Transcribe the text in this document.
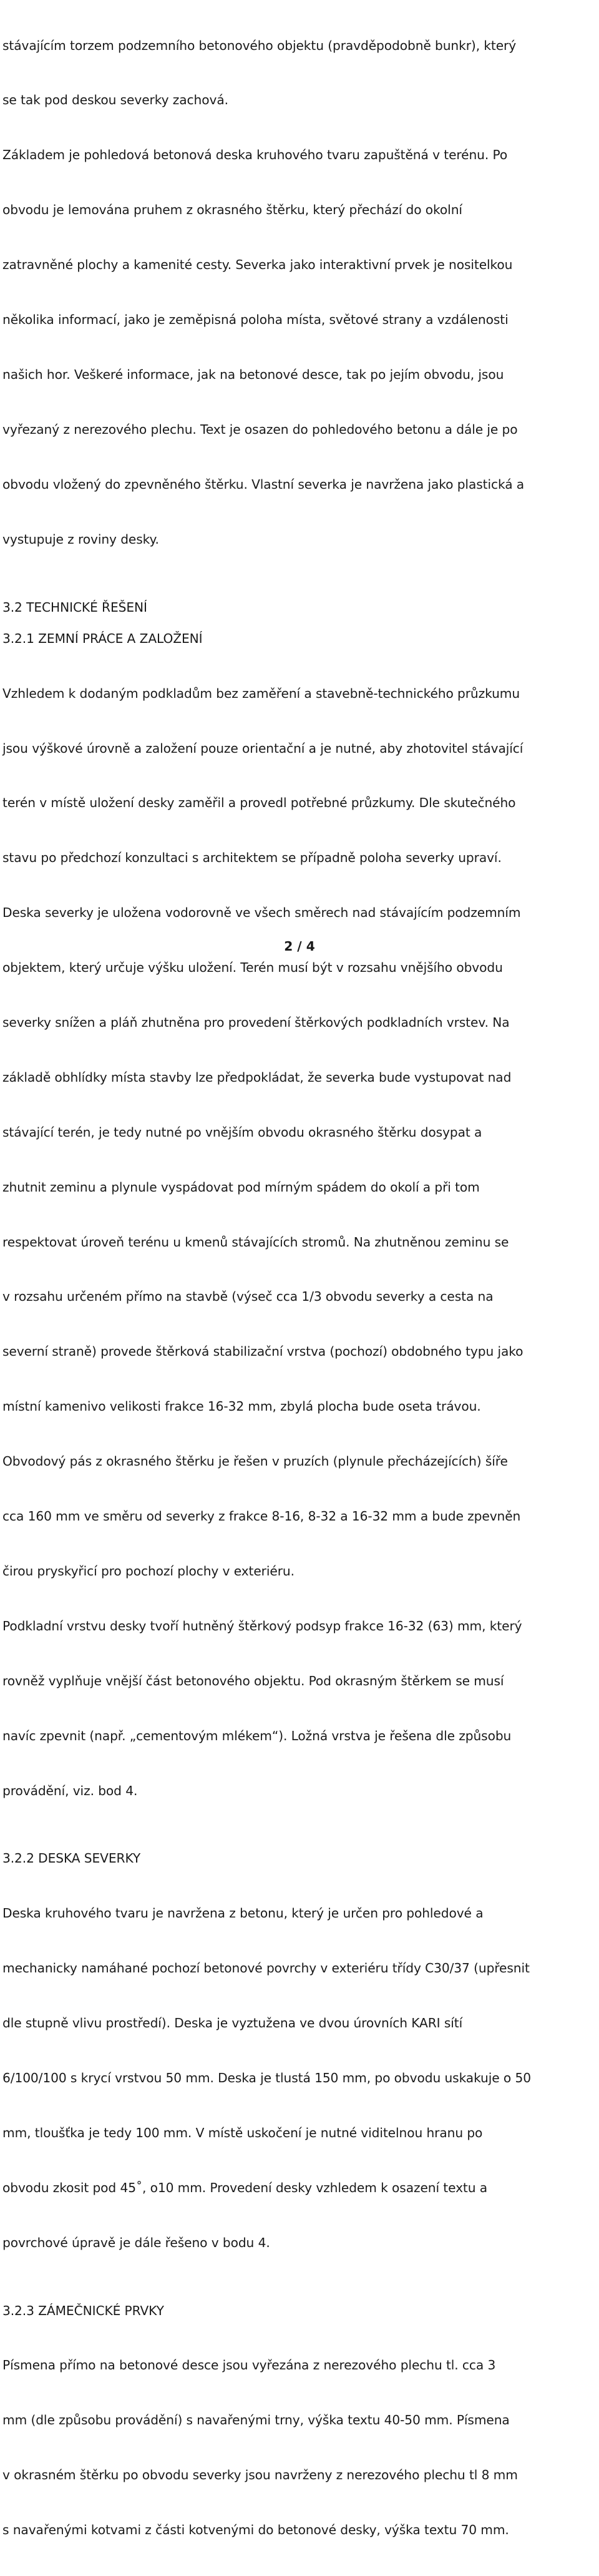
stávajícím torzem podzemního betonového objektu (pravděpodobně bunkr), který

se tak pod deskou severky zachová.

Základem je pohledová betonová deska kruhového tvaru zapuštěná v terénu. Po

obvodu je lemována pruhem z okrasného štěrku, který přechází do okolní

zatravněné plochy a kamenité cesty. Severka jako interaktivní prvek je nositelkou

několika informací, jako je zeměpisná poloha místa, světové strany a vzdálenosti

našich hor. Veškeré informace, jak na betonové desce, tak po jejím obvodu, jsou

vyřezaný z nerezového plechu. Text je osazen do pohledového betonu a dále je po

obvodu vložený do zpevněného štěrku. Vlastní severka je navržena jako plastická a

vystupuje z roviny desky.

3.2 TECHNICKÉ ŘEŠENÍ
3.2.1 ZEMNÍ PRÁCE A ZALOŽENÍ

Vzhledem k dodaným podkladům bez zaměření a stavebně-technického průzkumu

jsou výškové úrovně a založení pouze orientační a je nutné, aby zhotovitel stávající

terén v místě uložení desky zaměřil a provedl potřebné průzkumy. Dle skutečného

stavu po předchozí konzultaci s architektem se případně poloha severky upraví.

Deska severky je uložena vodorovně ve všech směrech nad stávajícím podzemním

objektem, který určuje výšku uložení. Terén musí být v rozsahu vnějšího obvodu

severky snížen a pláň zhutněna pro provedení štěrkových podkladních vrstev. Na

základě obhlídky místa stavby lze předpokládat, že severka bude vystupovat nad

stávající terén, je tedy nutné po vnějším obvodu okrasného štěrku dosypat a

zhutnit zeminu a plynule vyspádovat pod mírným spádem do okolí a při tom

respektovat úroveň terénu u kmenů stávajících stromů. Na zhutněnou zeminu se

v rozsahu určeném přímo na stavbě (výseč cca 1/3 obvodu severky a cesta na

severní straně) provede štěrková stabilizační vrstva (pochozí) obdobného typu jako

místní kamenivo velikosti frakce 16-32 mm, zbylá plocha bude oseta trávou.

Obvodový pás z okrasného štěrku je řešen v pruzích (plynule přecházejících) šíře

cca 160 mm ve směru od severky z frakce 8-16, 8-32 a 16-32 mm a bude zpevněn

čirou pryskyřicí pro pochozí plochy v exteriéru.

Podkladní vrstvu desky tvoří hutněný štěrkový podsyp frakce 16-32 (63) mm, který

rovněž vyplňuje vnější část betonového objektu. Pod okrasným štěrkem se musí

navíc zpevnit (např. „cementovým mlékem“). Ložná vrstva je řešena dle způsobu

provádění, viz. bod 4.

3.2.2 DESKA SEVERKY

Deska kruhového tvaru je navržena z betonu, který je určen pro pohledové a

mechanicky namáhané pochozí betonové povrchy v exteriéru třídy C30/37 (upřesnit

dle stupně vlivu prostředí). Deska je vyztužena ve dvou úrovních KARI sítí

6/100/100 s krycí vrstvou 50 mm. Deska je tlustá 150 mm, po obvodu uskakuje o 50

mm, tloušťka je tedy 100 mm. V místě uskočení je nutné viditelnou hranu po

obvodu zkosit pod 45˚, o10 mm. Provedení desky vzhledem k osazení textu a

povrchové úpravě je dále řešeno v bodu 4.

3.2.3 ZÁMEČNICKÉ PRVKY

Písmena přímo na betonové desce jsou vyřezána z nerezového plechu tl. cca 3

mm (dle způsobu provádění) s navařenými trny, výška textu 40-50 mm. Písmena

v okrasném štěrku po obvodu severky jsou navrženy z nerezového plechu tl 8 mm

s navařenými kotvami z části kotvenými do betonové desky, výška textu 70 mm.

2 / 4
